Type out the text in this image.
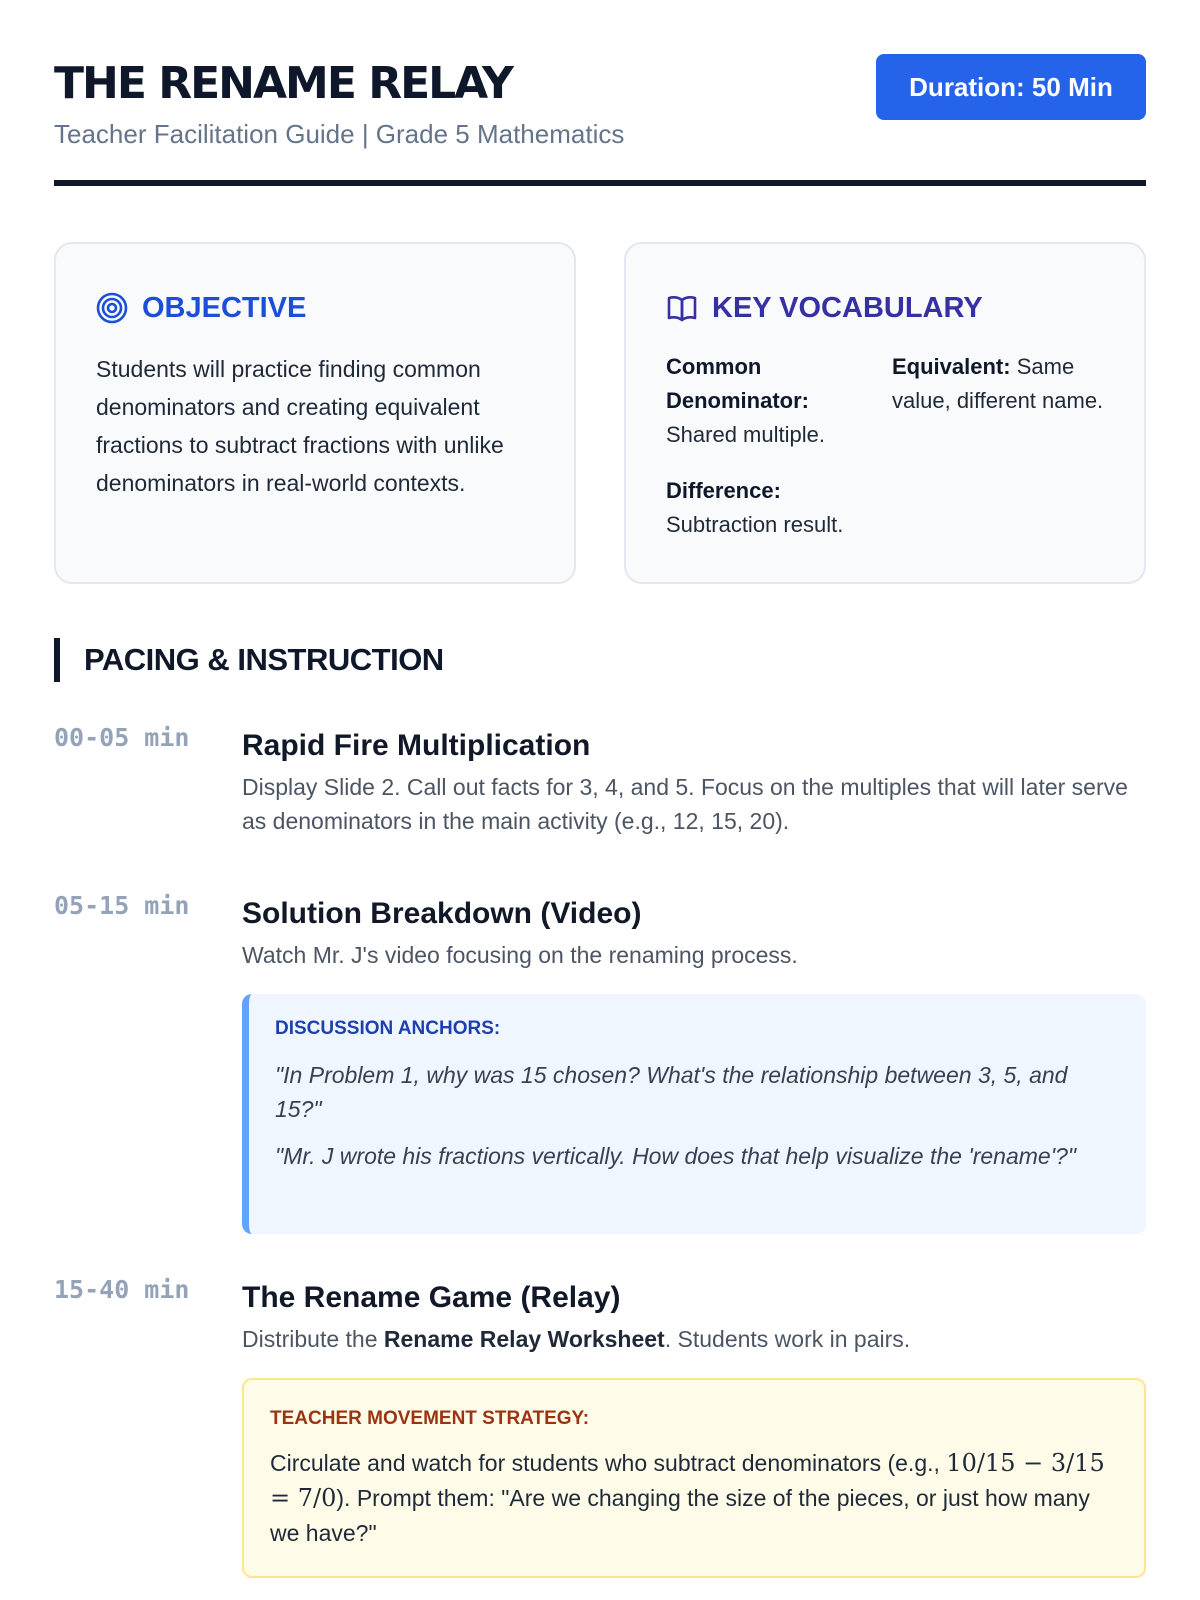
THE RENAME RELAY
Teacher Facilitation Guide | Grade 5 Mathematics
Duration: 50 Min
OBJECTIVE
Students will practice finding common denominators and creating equivalent fractions to subtract fractions with unlike denominators in real-world contexts.
KEY VOCABULARY
Common Denominator:
Shared multiple.
Equivalent: Same value, different name.
Difference:
Subtraction result.
PACING & INSTRUCTION
00-05 min Rapid Fire Multiplication
Display Slide 2. Call out facts for 3, 4, and 5. Focus on the multiples that will later serve as denominators in the main activity (e.g., 12, 15, 20).
05-15 min Solution Breakdown (Video)
Watch Mr. J's video focusing on the renaming process.
DISCUSSION ANCHORS:
"In Problem 1, why was 15 chosen? What's the relationship between 3, 5, and 15?"
"Mr. J wrote his fractions vertically. How does that help visualize the 'rename'?"
15-40 min The Rename Game (Relay)
Distribute the Rename Relay Worksheet. Students work in pairs.
TEACHER MOVEMENT STRATEGY:
Circulate and watch for students who subtract denominators (e.g., 10/15 − 3/15 = 7/0). Prompt them: "Are we changing the size of the pieces, or just how many we have?"
